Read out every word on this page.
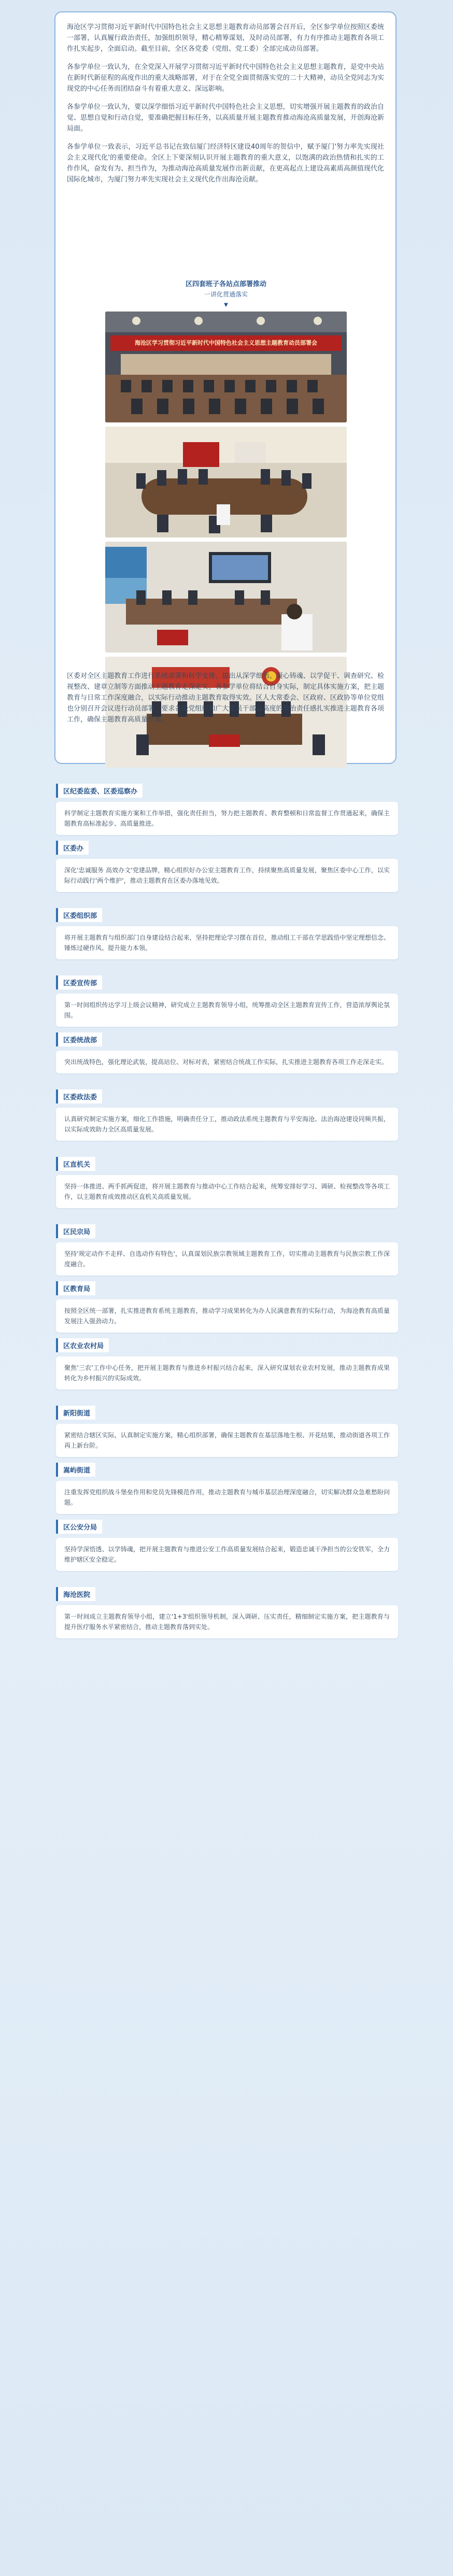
海沧区学习贯彻习近平新时代中国特色社会主义思想主题教育动员部署会召开后，全区参学单位按照区委统一部署，认真履行政治责任，加强组织领导，精心精筹谋划，及时动员部署，有力有序推动主题教育各项工作扎实起步，全面启动。截至目前，全区各党委（党组、党工委）全部完成动员部署。

各参学单位一致认为，在全党深入开展学习贯彻习近平新时代中国特色社会主义思想主题教育，是党中央站在新时代新征程的高度作出的重大战略部署，对于在全党全面贯彻落实党的二十大精神，动员全党同志为实现党的中心任务而团结奋斗有着重大意义、深远影响。

各参学单位一致认为，要以深学细悟习近平新时代中国特色社会主义思想，切实增强开展主题教育的政治自觉、思想自觉和行动自觉，要准确把握目标任务，以高质量开展主题教育推动海沧高质量发展，开创海沧新局面。

各参学单位一致表示，习近平总书记在致信厦门经济特区建设40周年的贺信中，赋予厦门'努力率先实现社会主义现代化'的重要使命。全区上下要深刻认识开展主题教育的重大意义，以饱满的政治热情和扎实的工作作风，奋发有为、担当作为，为推动海沧高质量发展作出新贡献，在更高起点上建设高素质高颜值现代化国际化城市，为厦门努力率先实现社会主义现代化作出海沧贡献。

区四套班子各站点部署推动
一讲化贯通落实
▼
海沧区学习贯彻习近平新时代中国特色社会主义思想主题教育动员部署会

区委对全区主题教育工作进行系统部署和科学安排，提出从深学细悟、凝心铸魂、以学促干、调查研究、检视整改、建章立制等方面推动主题教育走深走实。各参学单位将结合自身实际，制定具体实施方案，把主题教育与日常工作深度融合，以实际行动推动主题教育取得实效。区人大常委会、区政府、区政协等单位党组也分别召开会议进行动员部署，要求各级党组织和广大党员干部以高度的政治责任感扎实推进主题教育各项工作，确保主题教育高质量开展。

区纪委监委、区委巡察办
科学制定主题教育实施方案和工作举措，强化责任担当，努力把主题教育、教育整顿和日常监督工作贯通起来，确保主题教育高标准起步、高质量推进。
区委办
深化'忠诚服务 高效办文'党建品牌，精心组织好办公室主题教育工作，持续聚焦高质量发展，聚焦区委中心工作，以实际行动践行'两个维护'，推动主题教育在区委办落地见效。
区委组织部
将开展主题教育与组织部门自身建设结合起来，坚持把理论学习摆在首位，推动组工干部在学思践悟中坚定理想信念、锤炼过硬作风、提升能力本领。
区委宣传部
第一时间组织传达学习上级会议精神，研究成立主题教育领导小组，统筹推动全区主题教育宣传工作，营造浓厚舆论氛围。
区委统战部
突出统战特色，强化理论武装，提高站位、对标对表，紧密结合统战工作实际，扎实推进主题教育各项工作走深走实。
区委政法委
认真研究制定实施方案，细化工作措施，明确责任分工，推动政法系统主题教育与平安海沧、法治海沧建设同频共振，以实际成效助力全区高质量发展。
区直机关
坚持一体推进、两手抓两促进，将开展主题教育与推动中心工作结合起来，统筹安排好学习、调研、检视整改等各项工作，以主题教育成效推动区直机关高质量发展。
区民宗局
坚持'规定动作不走样、自选动作有特色'，认真谋划民族宗教领域主题教育工作，切实推动主题教育与民族宗教工作深度融合。
区教育局
按照全区统一部署，扎实推进教育系统主题教育，推动学习成果转化为办人民满意教育的实际行动，为海沧教育高质量发展注入强劲动力。
区农业农村局
聚焦'三农'工作中心任务，把开展主题教育与推进乡村振兴结合起来，深入研究谋划农业农村发展，推动主题教育成果转化为乡村振兴的实际成效。
新阳街道
紧密结合辖区实际，认真制定实施方案，精心组织部署，确保主题教育在基层落地生根、开花结果，推动街道各项工作再上新台阶。
嵩屿街道
注重发挥党组织战斗堡垒作用和党员先锋模范作用，推动主题教育与城市基层治理深度融合，切实解决群众急难愁盼问题。
区公安分局
坚持学深悟透、以学铸魂，把开展主题教育与推进公安工作高质量发展结合起来，锻造忠诚干净担当的公安铁军，全力维护辖区安全稳定。
海沧医院
第一时间成立主题教育领导小组，建立'1+3'组织领导机制，深入调研、压实责任，精细制定实施方案，把主题教育与提升医疗服务水平紧密结合，推动主题教育落到实处。
